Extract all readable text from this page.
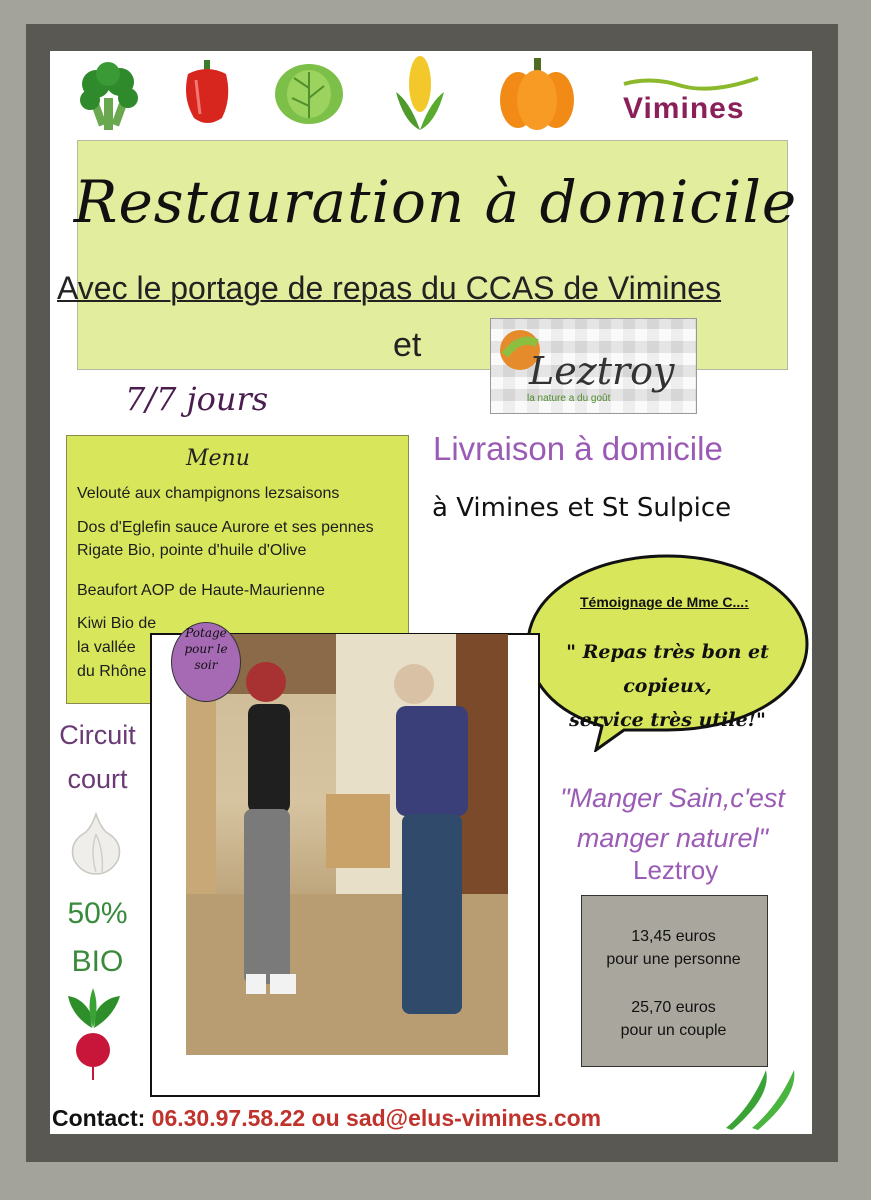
Vimines
Restauration à domicile
Avec le portage de repas du CCAS de Vimines
et
Leztroy
la nature a du goût
7/7 jours
Menu
Velouté aux champignons lezsaisons
Dos d'Eglefin sauce Aurore et ses pennes
Rigate Bio, pointe d'huile d'Olive
Beaufort AOP de Haute-Maurienne
Kiwi Bio de
la vallée
du Rhône
Livraison à domicile
à Vimines et St Sulpice
Témoignage de Mme C...:
" Repas très bon et copieux,
service très utile!"
"Manger Sain,c'est
manger naturel"
Leztroy
13,45 euros
pour une personne
25,70 euros
pour un couple
Circuit
court
50%
BIO
Potage
pour le
soir
Contact: 06.30.97.58.22 ou sad@elus-vimines.com
